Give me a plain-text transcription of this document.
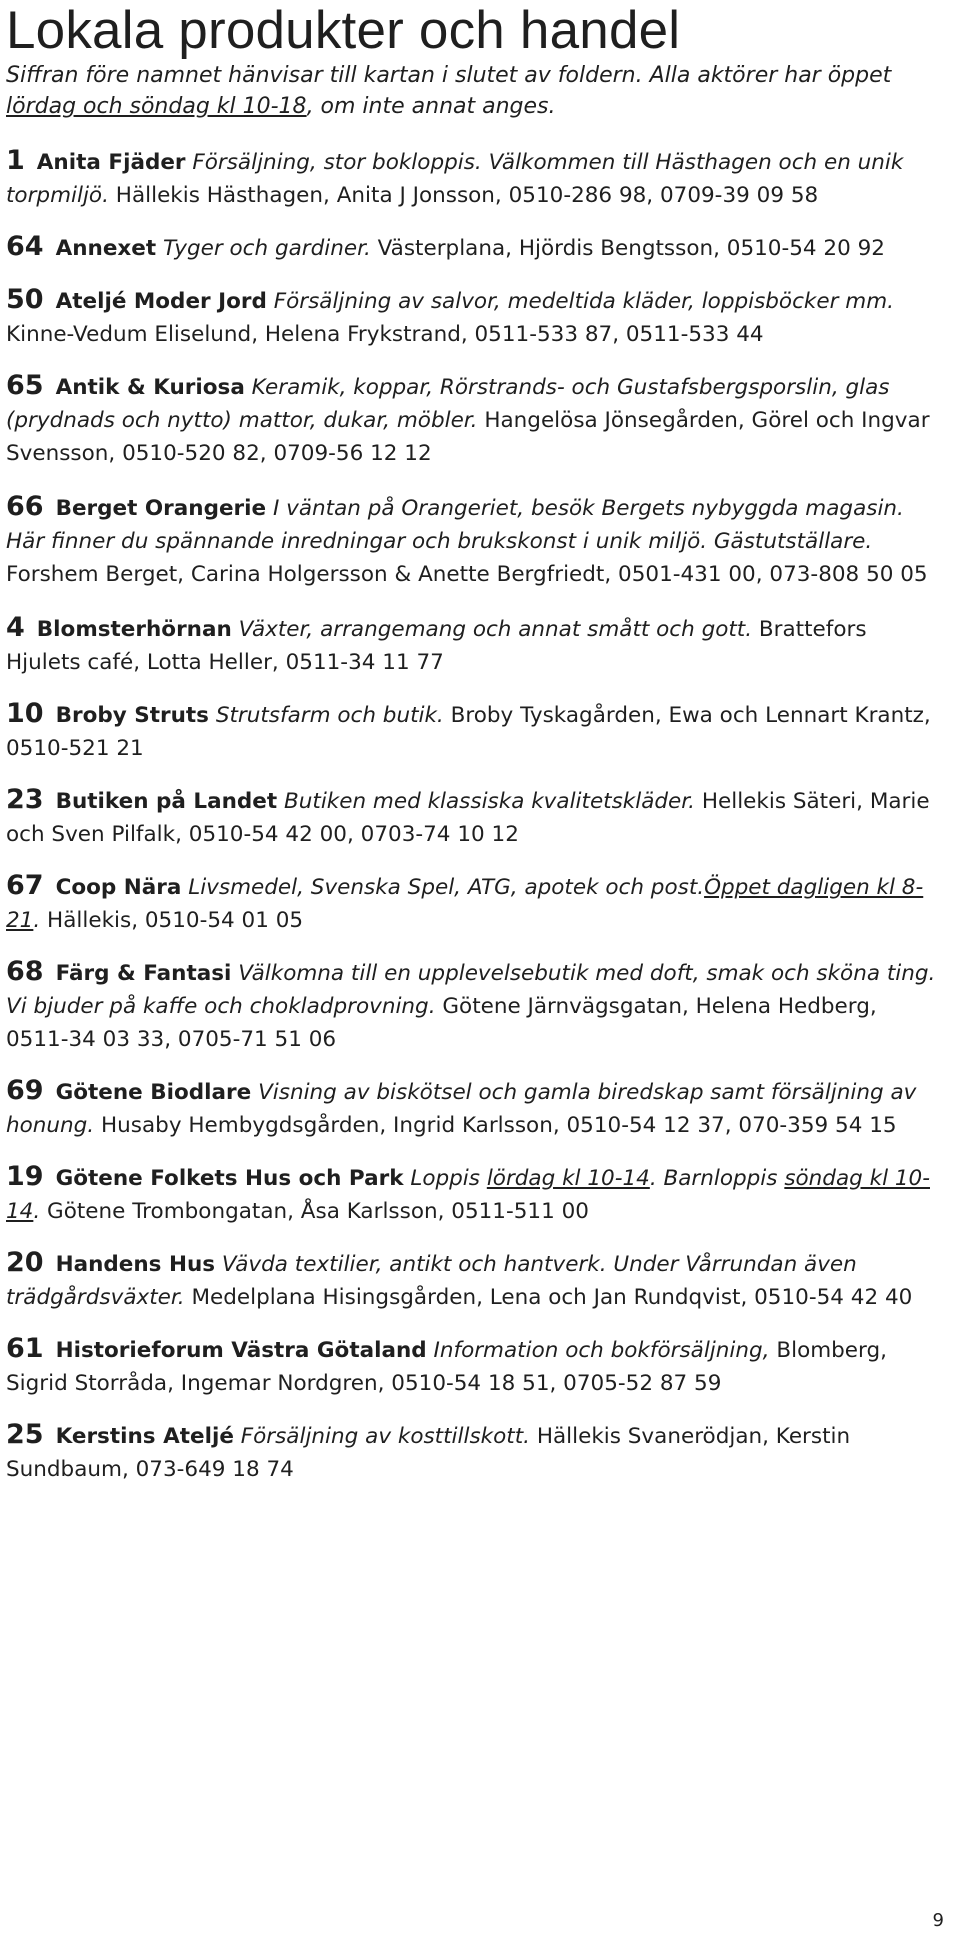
Lokala produkter och handel

Siffran före namnet hänvisar till kartan i slutet av foldern. Alla aktörer har öppet lördag och söndag kl 10-18, om inte annat anges.

1 Anita Fjäder Försäljning, stor bokloppis. Välkommen till Hästhagen och en unik torpmiljö. Hällekis Hästhagen, Anita J Jonsson, 0510-286 98, 0709-39 09 58

64 Annexet Tyger och gardiner. Västerplana, Hjördis Bengtsson, 0510-54 20 92

50 Ateljé Moder Jord Försäljning av salvor, medeltida kläder, loppisböcker mm. Kinne-Vedum Eliselund, Helena Frykstrand, 0511-533 87, 0511-533 44

65 Antik & Kuriosa Keramik, koppar, Rörstrands- och Gustafsbergsporslin, glas (prydnads och nytto) mattor, dukar, möbler. Hangelösa Jönsegården, Görel och Ingvar Svensson, 0510-520 82, 0709-56 12 12

66 Berget Orangerie I väntan på Orangeriet, besök Bergets nybyggda magasin. Här finner du spännande inredningar och brukskonst i unik miljö. Gästutställare. Forshem Berget, Carina Holgersson & Anette Bergfriedt, 0501-431 00, 073-808 50 05

4 Blomsterhörnan Växter, arrangemang och annat smått och gott. Brattefors Hjulets café, Lotta Heller, 0511-34 11 77

10 Broby Struts Strutsfarm och butik. Broby Tyskagården, Ewa och Lennart Krantz, 0510-521 21

23 Butiken på Landet Butiken med klassiska kvalitetskläder. Hellekis Säteri, Marie och Sven Pilfalk, 0510-54 42 00, 0703-74 10 12

67 Coop Nära Livsmedel, Svenska Spel, ATG, apotek och post.Öppet dagligen kl 8-21. Hällekis, 0510-54 01 05

68 Färg & Fantasi Välkomna till en upplevelsebutik med doft, smak och sköna ting. Vi bjuder på kaffe och chokladprovning. Götene Järnvägsgatan, Helena Hedberg, 0511-34 03 33, 0705-71 51 06

69 Götene Biodlare Visning av biskötsel och gamla biredskap samt försäljning av honung. Husaby Hembygdsgården, Ingrid Karlsson, 0510-54 12 37, 070-359 54 15

19 Götene Folkets Hus och Park Loppis lördag kl 10-14. Barnloppis söndag kl 10-14. Götene Trombongatan, Åsa Karlsson, 0511-511 00

20 Handens Hus Vävda textilier, antikt och hantverk. Under Vårrundan även trädgårdsväxter. Medelplana Hisingsgården, Lena och Jan Rundqvist, 0510-54 42 40

61 Historieforum Västra Götaland Information och bokförsäljning, Blomberg, Sigrid Storråda, Ingemar Nordgren, 0510-54 18 51, 0705-52 87 59

25 Kerstins Ateljé Försäljning av kosttillskott. Hällekis Svanerödjan, Kerstin Sundbaum, 073-649 18 74

9
